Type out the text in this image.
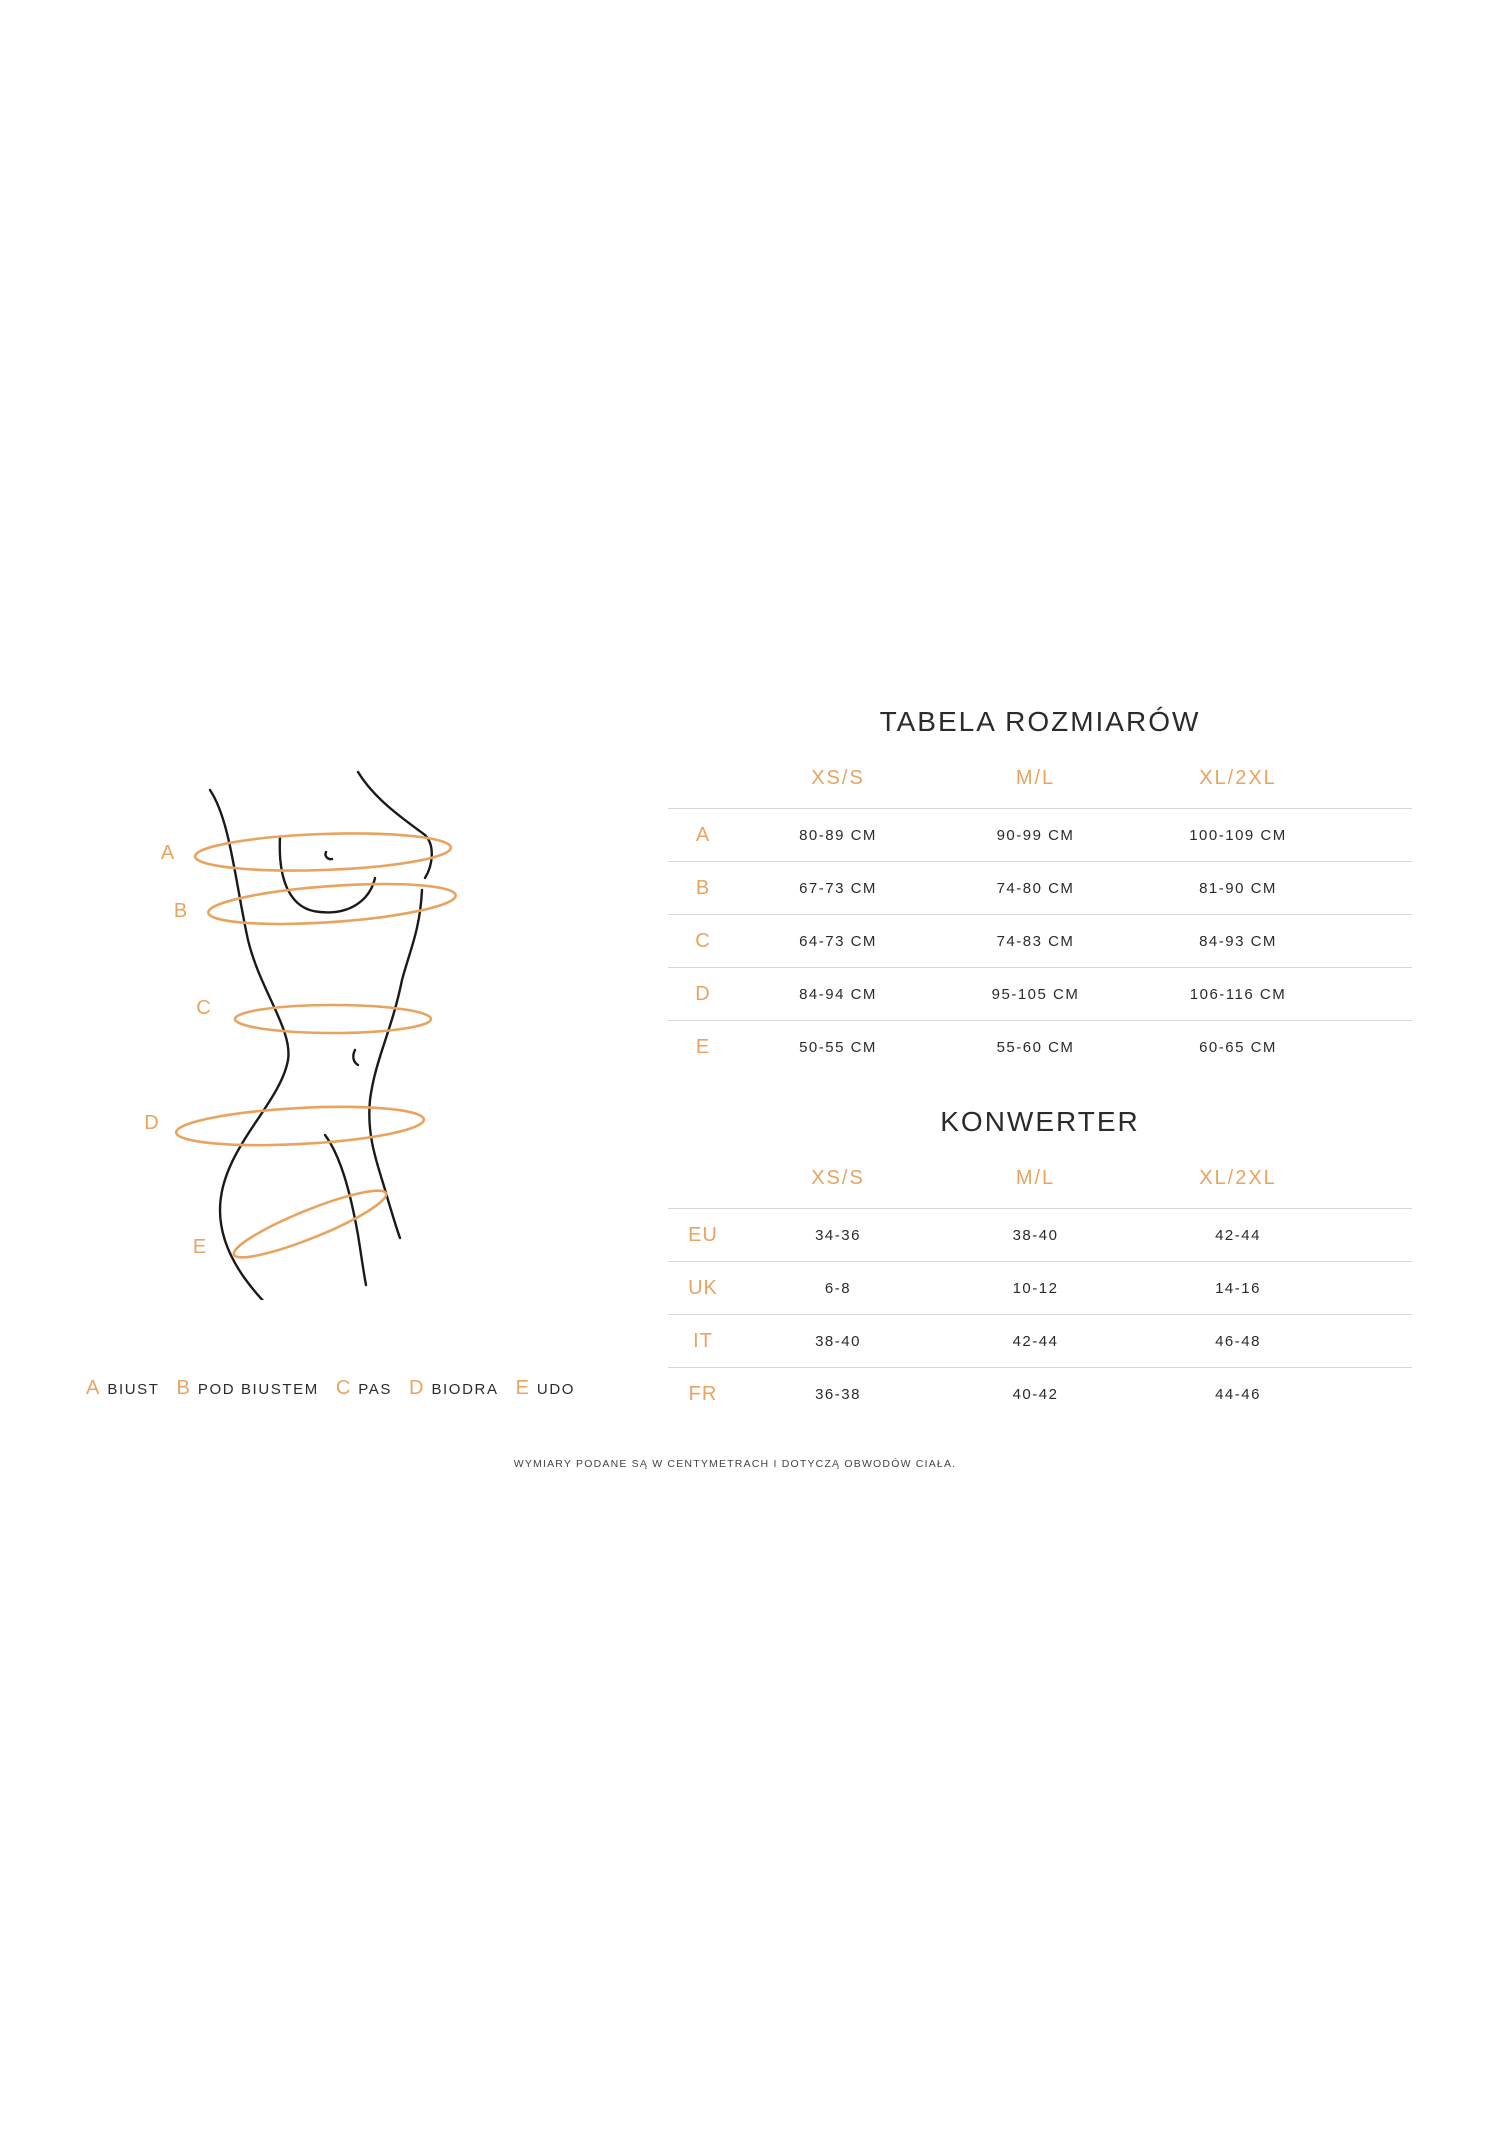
A
B
C
D
E
A BIUST B POD BIUSTEM C PAS D BIODRA E UDO
TABELA ROZMIARÓW
XS/S	M/L	XL/2XL
A	80-89 CM	90-99 CM	100-109 CM
B	67-73 CM	74-80 CM	81-90 CM
C	64-73 CM	74-83 CM	84-93 CM
D	84-94 CM	95-105 CM	106-116 CM
E	50-55 CM	55-60 CM	60-65 CM
KONWERTER
XS/S	M/L	XL/2XL
EU	34-36	38-40	42-44
UK	6-8	10-12	14-16
IT	38-40	42-44	46-48
FR	36-38	40-42	44-46
WYMIARY PODANE SĄ W CENTYMETRACH I DOTYCZĄ OBWODÓW CIAŁA.
